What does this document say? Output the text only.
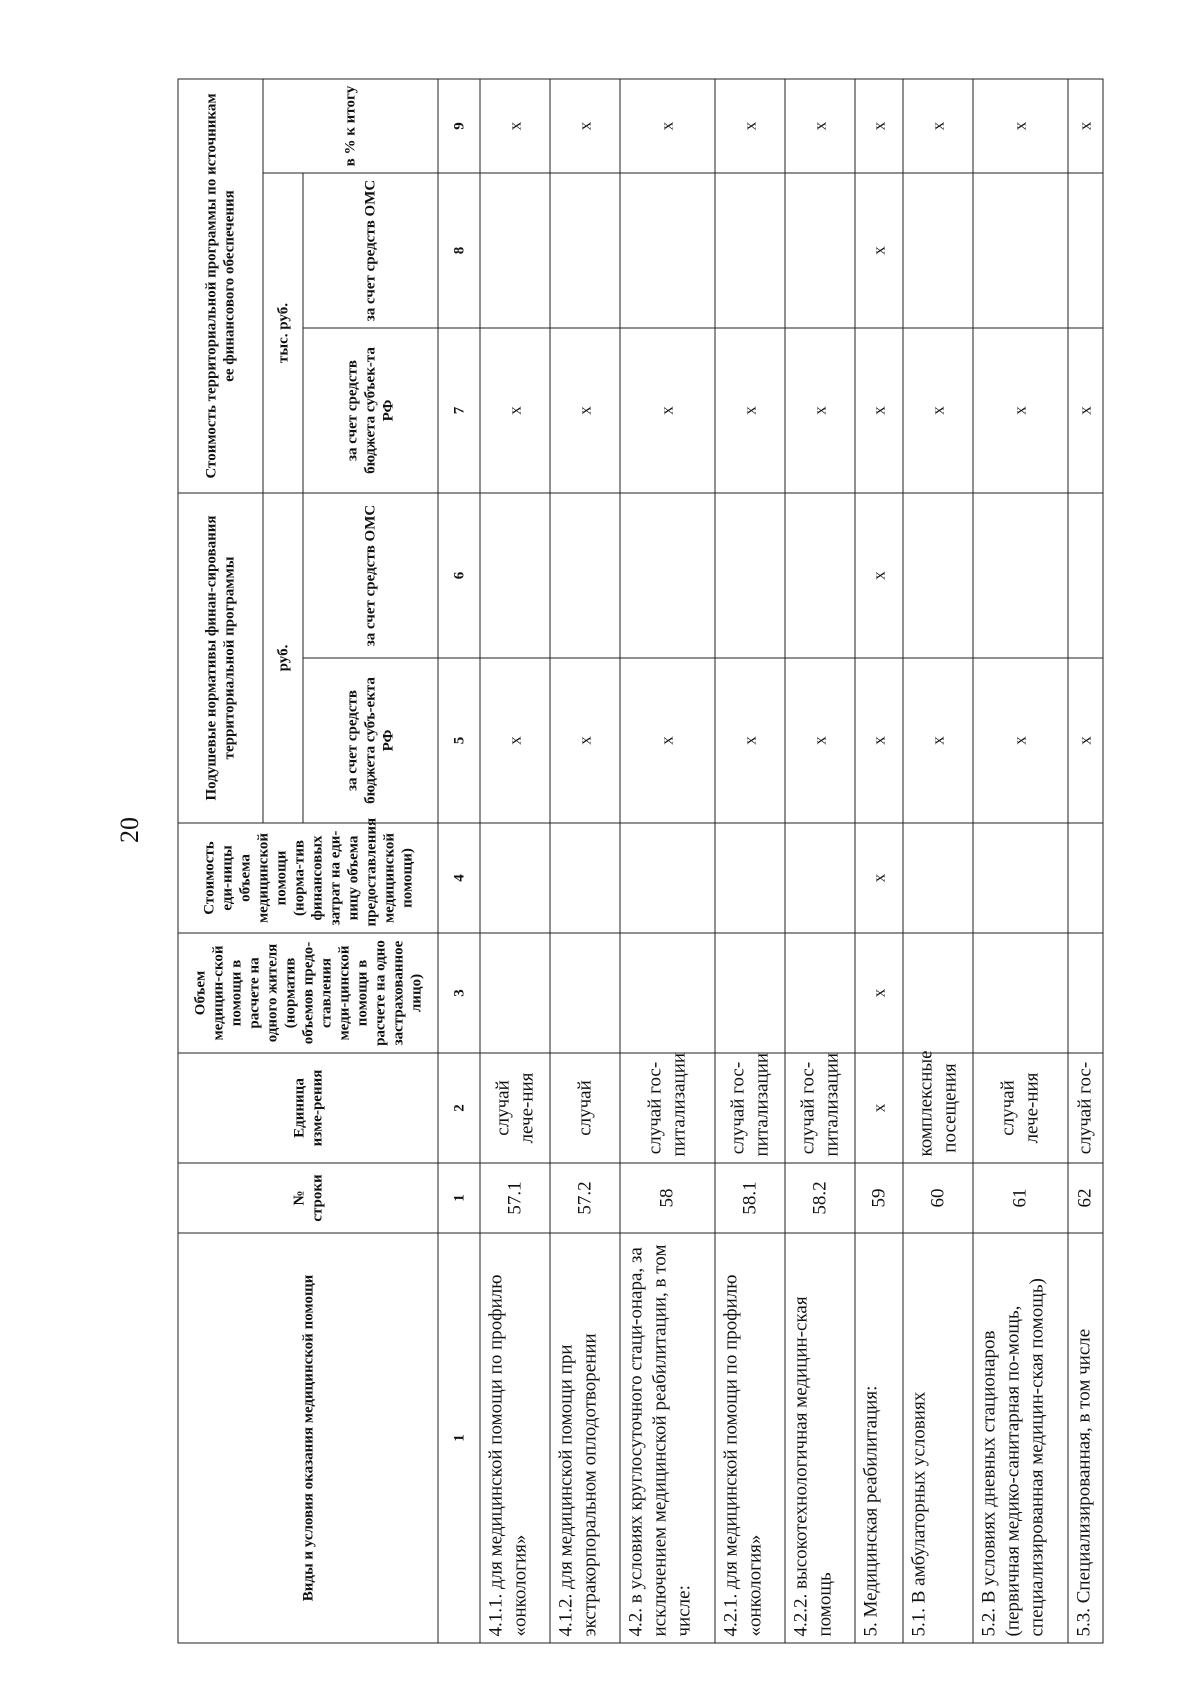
20
Виды и условия оказания медицинской помощи	№ строки	Единица изме-рения	Объем медицин-ской помощи в расчете на одного жителя (норматив объемов предо-ставления меди-цинской помощи в расчете на одно застрахованное лицо)	Стоимость еди-ницы объема медицинской помощи (норма-тив финансовых затрат на еди-ницу объема предоставления медицинской помощи)	Подушевые нормативы финан-сирования территориальной программы		Стоимость территориальной программы по источникам ее финансового обеспечения		
					руб.		тыс. руб.		в % к итогу
					за счет средств бюджета субъ-екта РФ	за счет средств ОМС	за счет средств бюджета субъек-та РФ	за счет средств ОМС	
1	1	2	3	4	5	6	7	8	9
4.1.1. для медицинской помощи по профилю «онкология»	57.1	случай лече-ния			x		x		x
4.1.2. для медицинской помощи при экстракорпоральном оплодотворении	57.2	случай			x		x		x
4.2. в условиях круглосуточного стаци-онара, за исключением медицинской реабилитации, в том числе:	58	случай гос-питализации			x		x		x
4.2.1. для медицинской помощи по профилю «онкология»	58.1	случай гос-питализации			x		x		x
4.2.2. высокотехнологичная медицин-ская помощь	58.2	случай гос-питализации			x		x		x
5. Медицинская реабилитация:	59	x	x	x	x	x	x	x	x
5.1. В амбулаторных условиях	60	комплексные посещения			x		x		x
5.2. В условиях дневных стационаров (первичная медико-санитарная по-мощь, специализированная медицин-ская помощь)	61	случай лече-ния			x		x		x
5.3. Специализированная, в том числе	62	случай гос-			x		x		x
